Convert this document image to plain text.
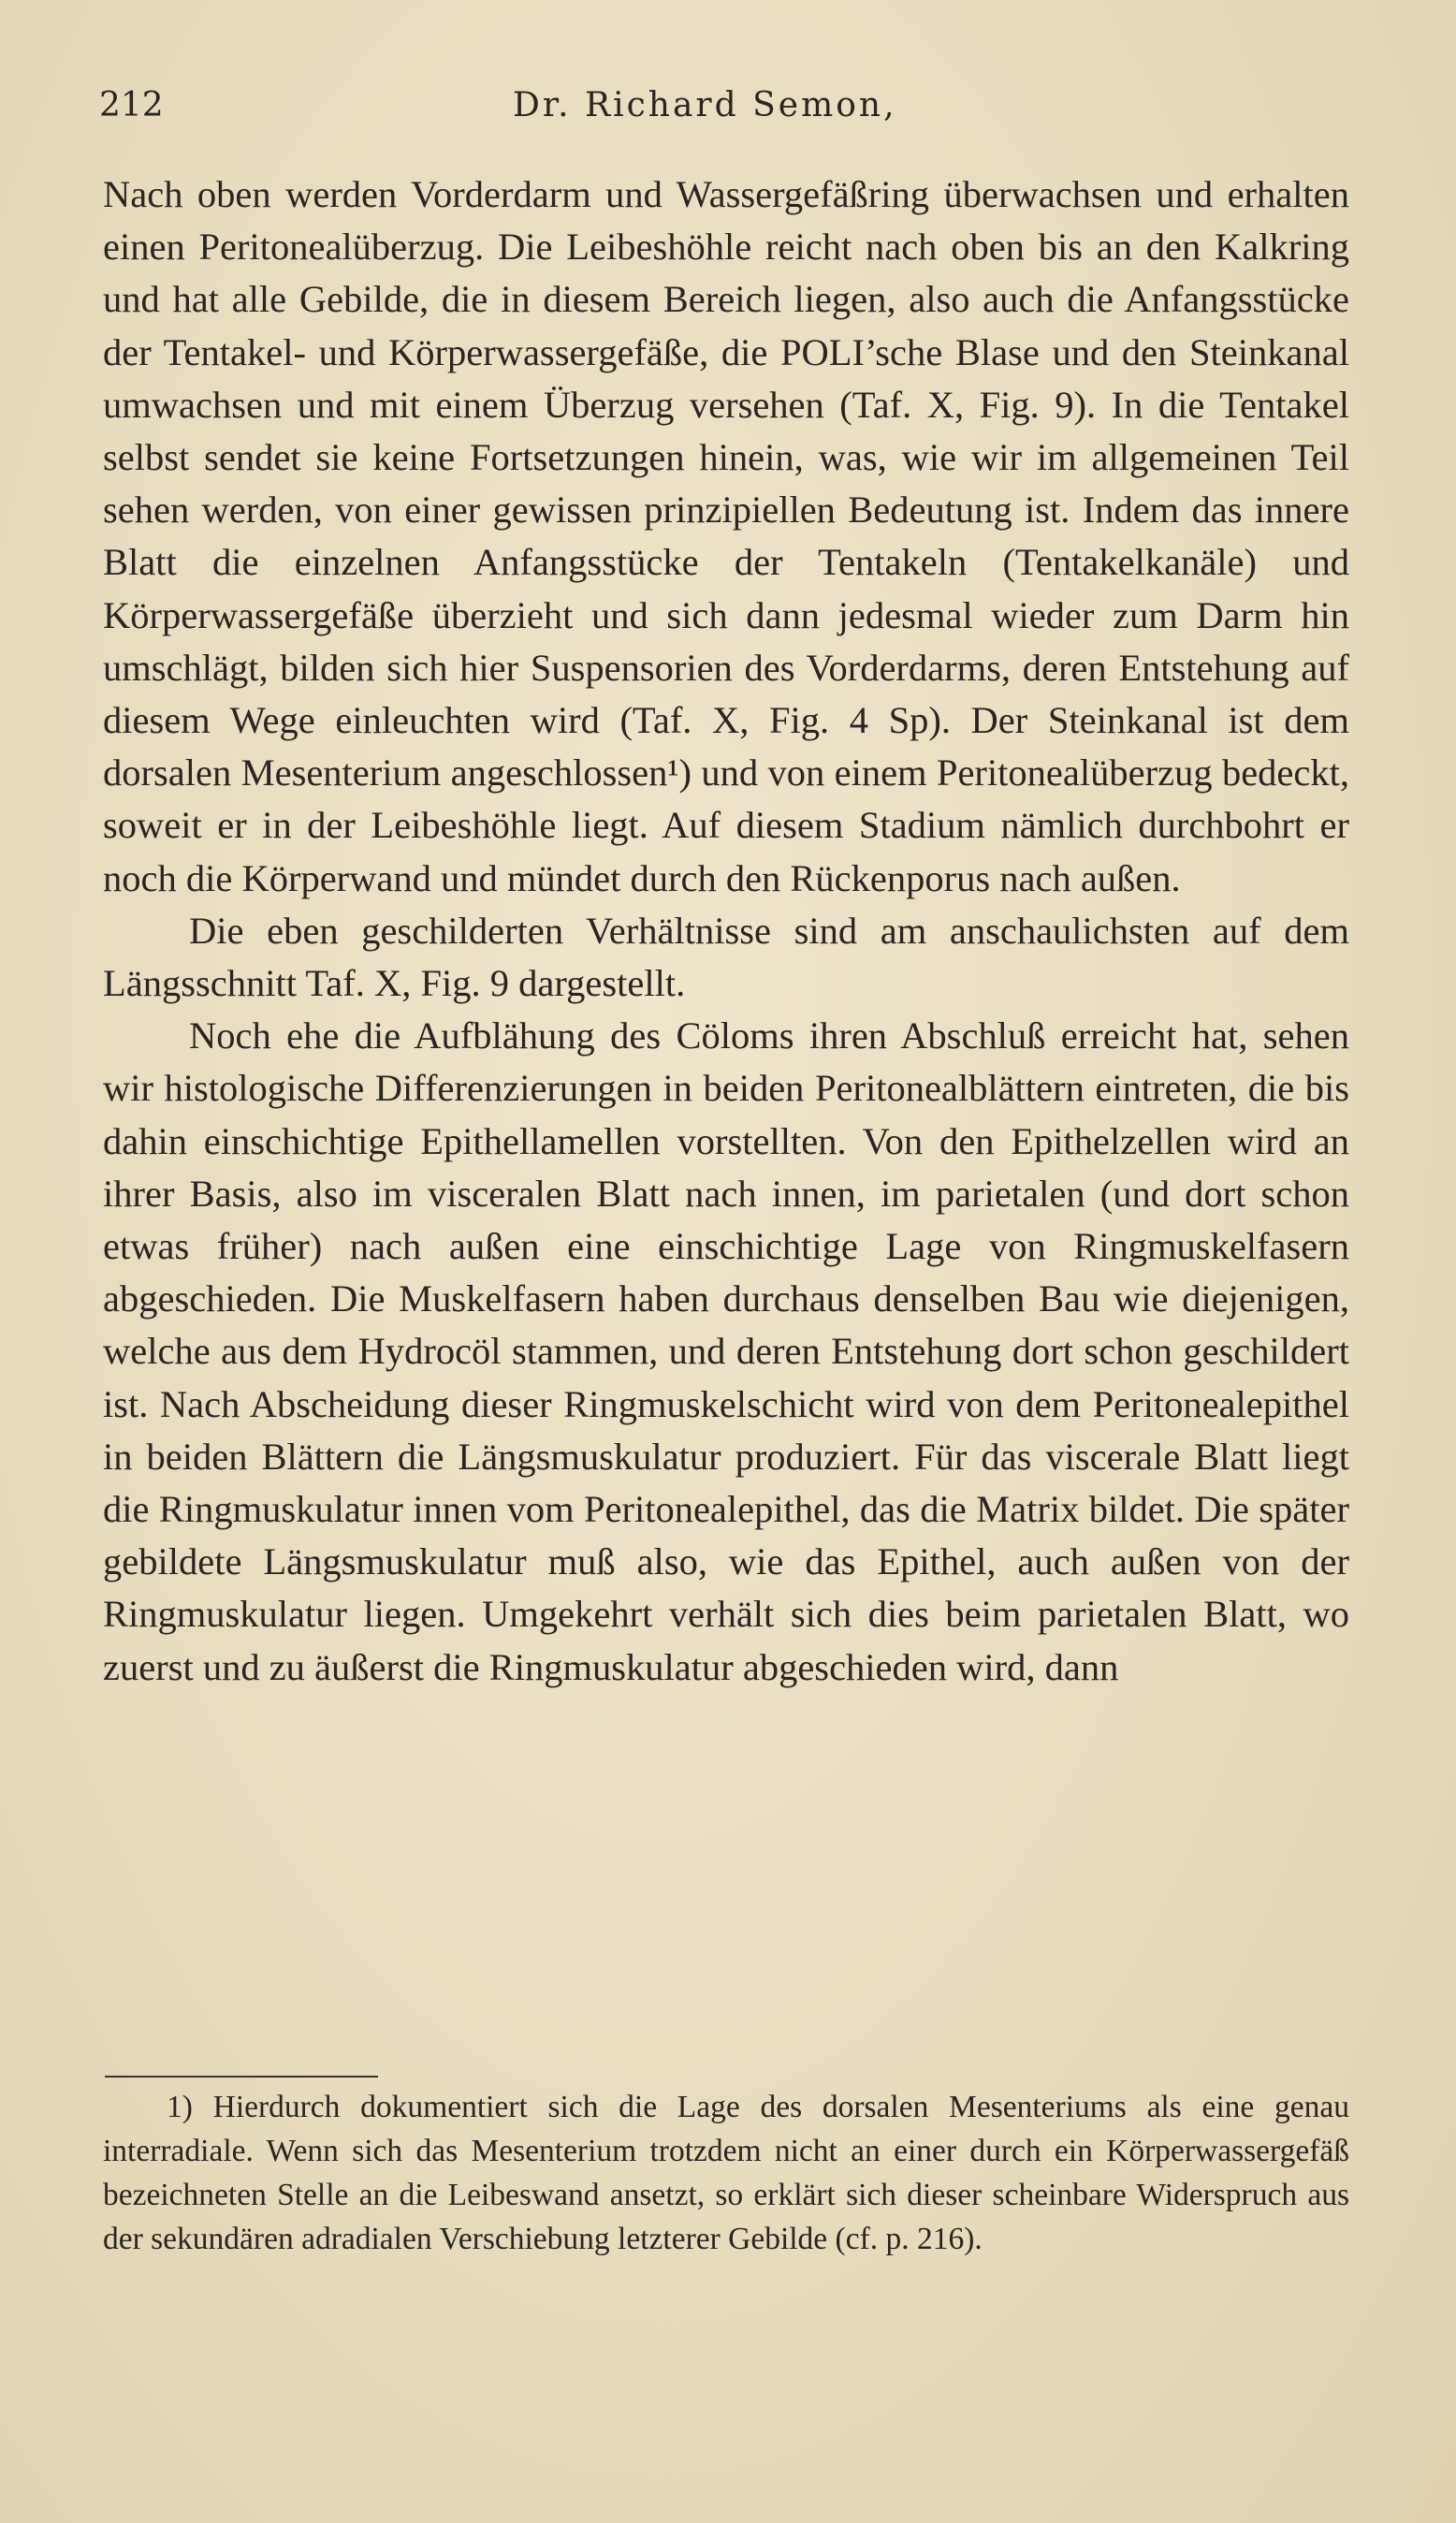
212	Dr. Richard Semon,

Nach oben werden Vorderdarm und Wassergefäßring überwachsen und erhalten einen Peritonealüberzug. Die Leibeshöhle reicht nach oben bis an den Kalkring und hat alle Gebilde, die in diesem Bereich liegen, also auch die Anfangsstücke der Tentakel- und Körperwassergefäße, die POLI’sche Blase und den Steinkanal umwachsen und mit einem Überzug versehen (Taf. X, Fig. 9). In die Tentakel selbst sendet sie keine Fortsetzungen hinein, was, wie wir im allgemeinen Teil sehen werden, von einer gewissen prinzipiellen Bedeutung ist. Indem das innere Blatt die einzelnen Anfangsstücke der Tentakeln (Tentakelkanäle) und Körperwassergefäße überzieht und sich dann jedesmal wieder zum Darm hin umschlägt, bilden sich hier Suspensorien des Vorderdarms, deren Entstehung auf diesem Wege einleuchten wird (Taf. X, Fig. 4 Sp). Der Steinkanal ist dem dorsalen Mesenterium angeschlossen¹) und von einem Peritonealüberzug bedeckt, soweit er in der Leibeshöhle liegt. Auf diesem Stadium nämlich durchbohrt er noch die Körperwand und mündet durch den Rückenporus nach außen.

Die eben geschilderten Verhältnisse sind am anschaulichsten auf dem Längsschnitt Taf. X, Fig. 9 dargestellt.

Noch ehe die Aufblähung des Cöloms ihren Abschluß erreicht hat, sehen wir histologische Differenzierungen in beiden Peritonealblättern eintreten, die bis dahin einschichtige Epithellamellen vorstellten. Von den Epithelzellen wird an ihrer Basis, also im visceralen Blatt nach innen, im parietalen (und dort schon etwas früher) nach außen eine einschichtige Lage von Ringmuskelfasern abgeschieden. Die Muskelfasern haben durchaus denselben Bau wie diejenigen, welche aus dem Hydrocöl stammen, und deren Entstehung dort schon geschildert ist. Nach Abscheidung dieser Ringmuskelschicht wird von dem Peritonealepithel in beiden Blättern die Längsmuskulatur produziert. Für das viscerale Blatt liegt die Ringmuskulatur innen vom Peritonealepithel, das die Matrix bildet. Die später gebildete Längsmuskulatur muß also, wie das Epithel, auch außen von der Ringmuskulatur liegen. Umgekehrt verhält sich dies beim parietalen Blatt, wo zuerst und zu äußerst die Ringmuskulatur abgeschieden wird, dann

1) Hierdurch dokumentiert sich die Lage des dorsalen Mesenteriums als eine genau interradiale. Wenn sich das Mesenterium trotzdem nicht an einer durch ein Körperwassergefäß bezeichneten Stelle an die Leibeswand ansetzt, so erklärt sich dieser scheinbare Widerspruch aus der sekundären adradialen Verschiebung letzterer Gebilde (cf. p. 216).
